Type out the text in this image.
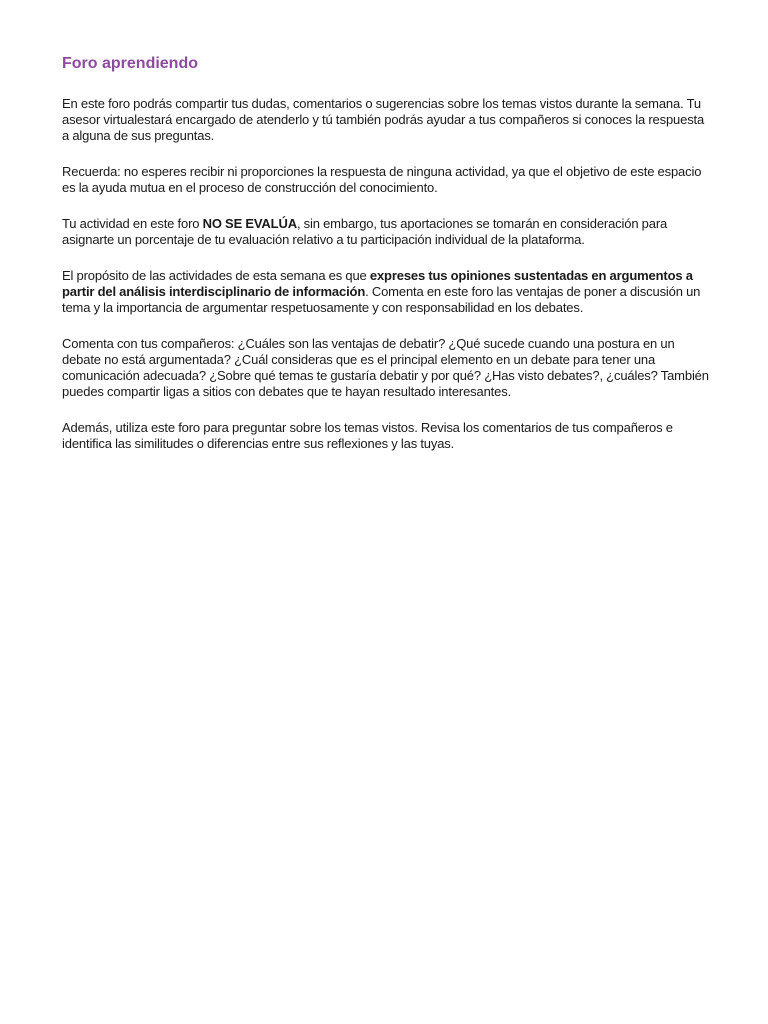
Foro aprendiendo

En este foro podrás compartir tus dudas, comentarios o sugerencias sobre los temas vistos durante la semana. Tu asesor virtualestará encargado de atenderlo y tú también podrás ayudar a tus compañeros si conoces la respuesta a alguna de sus preguntas.

Recuerda: no esperes recibir ni proporciones la respuesta de ninguna actividad, ya que el objetivo de este espacio es la ayuda mutua en el proceso de construcción del conocimiento.

Tu actividad en este foro NO SE EVALÚA, sin embargo, tus aportaciones se tomarán en consideración para asignarte un porcentaje de tu evaluación relativo a tu participación individual de la plataforma.

El propósito de las actividades de esta semana es que expreses tus opiniones sustentadas en argumentos a partir del análisis interdisciplinario de información. Comenta en este foro las ventajas de poner a discusión un tema y la importancia de argumentar respetuosamente y con responsabilidad en los debates.

Comenta con tus compañeros: ¿Cuáles son las ventajas de debatir? ¿Qué sucede cuando una postura en un debate no está argumentada? ¿Cuál consideras que es el principal elemento en un debate para tener una comunicación adecuada? ¿Sobre qué temas te gustaría debatir y por qué? ¿Has visto debates?, ¿cuáles? También puedes compartir ligas a sitios con debates que te hayan resultado interesantes.

Además, utiliza este foro para preguntar sobre los temas vistos. Revisa los comentarios de tus compañeros e identifica las similitudes o diferencias entre sus reflexiones y las tuyas.
